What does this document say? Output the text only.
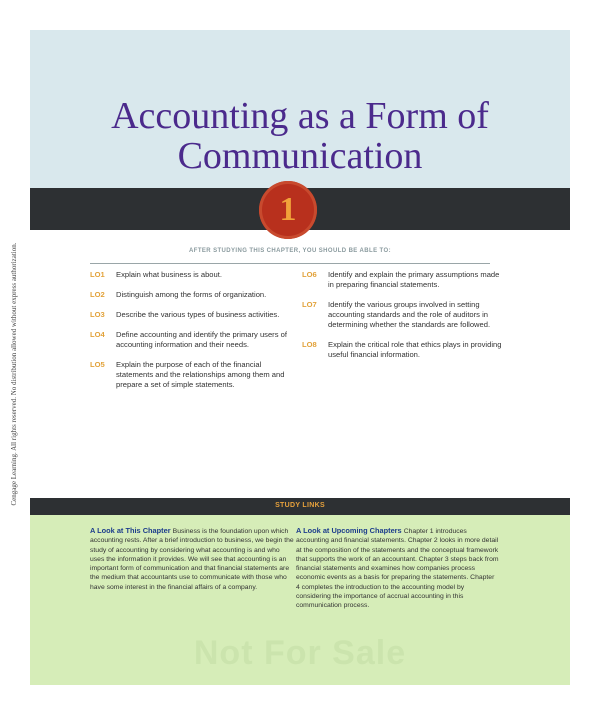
Accounting as a Form of
Communication
1
Cengage Learning. All rights reserved. No distribution allowed without express authorization.	AFTER STUDYING THIS CHAPTER, YOU SHOULD BE ABLE TO:
LO1 Explain what business is about.
LO2 Distinguish among the forms of organization.
LO3 Describe the various types of business activities.
LO4 Define accounting and identify the primary users of accounting information and their needs.
LO5 Explain the purpose of each of the financial statements and the relationships among them and prepare a set of simple statements.
LO6 Identify and explain the primary assumptions made in preparing financial statements.
LO7 Identify the various groups involved in setting accounting standards and the role of auditors in determining whether the standards are followed.
LO8 Explain the critical role that ethics plays in providing useful financial information.
STUDY LINKS
Not For Sale
A Look at This Chapter Business is the foundation upon which accounting rests. After a brief introduction to business, we begin the study of accounting by considering what accounting is and who uses the information it provides. We will see that accounting is an important form of communication and that financial statements are the medium that accountants use to communicate with those who have some interest in the financial affairs of a company.
A Look at Upcoming Chapters Chapter 1 introduces accounting and financial statements. Chapter 2 looks in more detail at the composition of the statements and the conceptual framework that supports the work of an accountant. Chapter 3 steps back from financial statements and examines how companies process economic events as a basis for preparing the statements. Chapter 4 completes the introduction to the accounting model by considering the importance of accrual accounting in this communication process.
